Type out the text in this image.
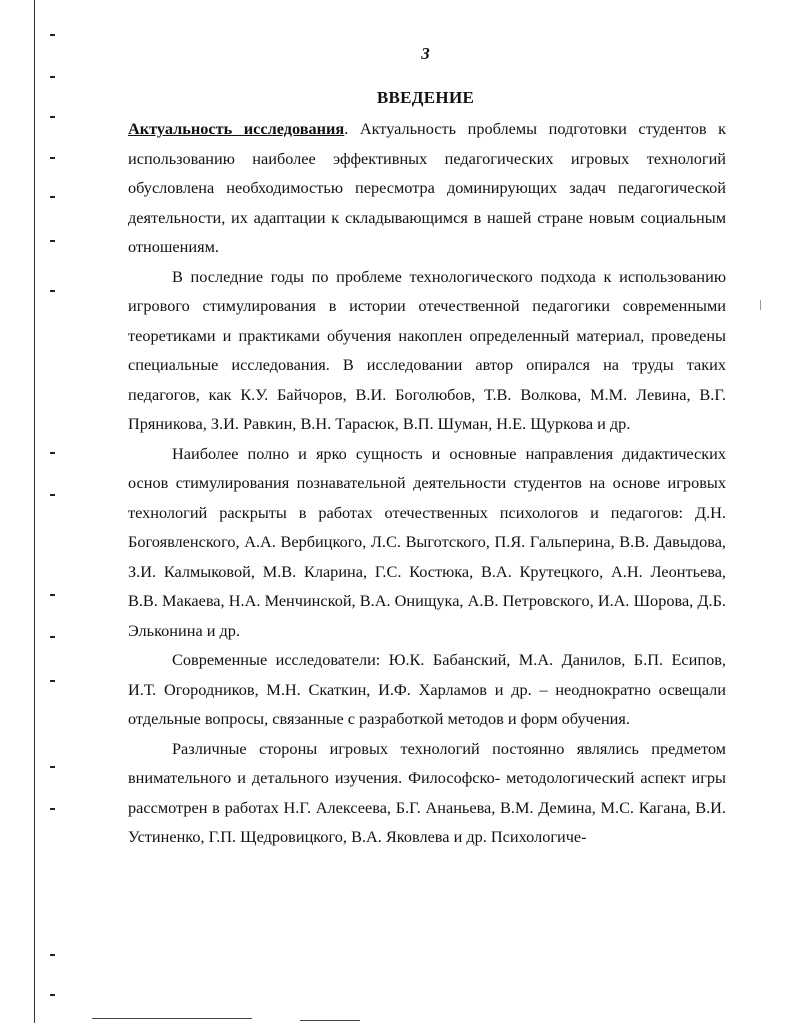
3
ВВЕДЕНИЕ

Актуальность исследования. Актуальность проблемы подготовки студентов к использованию наиболее эффективных педагогических игровых технологий обусловлена необходимостью пересмотра доминирующих задач педагогической деятельности, их адаптации к складывающимся в нашей стране новым социальным отношениям.

В последние годы по проблеме технологического подхода к использованию игрового стимулирования в истории отечественной педагогики современными теоретиками и практиками обучения накоплен определенный материал, проведены специальные исследования. В исследовании автор опирался на труды таких педагогов, как К.У. Байчоров, В.И. Боголюбов, Т.В. Волкова, М.М. Левина, В.Г. Пряникова, З.И. Равкин, В.Н. Тарасюк, В.П. Шуман, Н.Е. Щуркова и др.

Наиболее полно и ярко сущность и основные направления дидактических основ стимулирования познавательной деятельности студентов на основе игровых технологий раскрыты в работах отечественных психологов и педагогов: Д.Н. Богоявленского, А.А. Вербицкого, Л.С. Выготского, П.Я. Гальперина, В.В. Давыдова, З.И. Калмыковой, М.В. Кларина, Г.С. Костюка, В.А. Крутецкого, А.Н. Леонтьева, В.В. Макаева, Н.А. Менчинской, В.А. Онищука, А.В. Петровского, И.А. Шорова, Д.Б. Эльконина и др.

Современные исследователи: Ю.К. Бабанский, М.А. Данилов, Б.П. Есипов, И.Т. Огородников, М.Н. Скаткин, И.Ф. Харламов и др. – неоднократно освещали отдельные вопросы, связанные с разработкой методов и форм обучения.

Различные стороны игровых технологий постоянно являлись предметом внимательного и детального изучения. Философско- методологический аспект игры рассмотрен в работах Н.Г. Алексеева, Б.Г. Ананьева, В.М. Демина, М.С. Кагана, В.И. Устиненко, Г.П. Щедровицкого, В.А. Яковлева и др. Психологиче-
